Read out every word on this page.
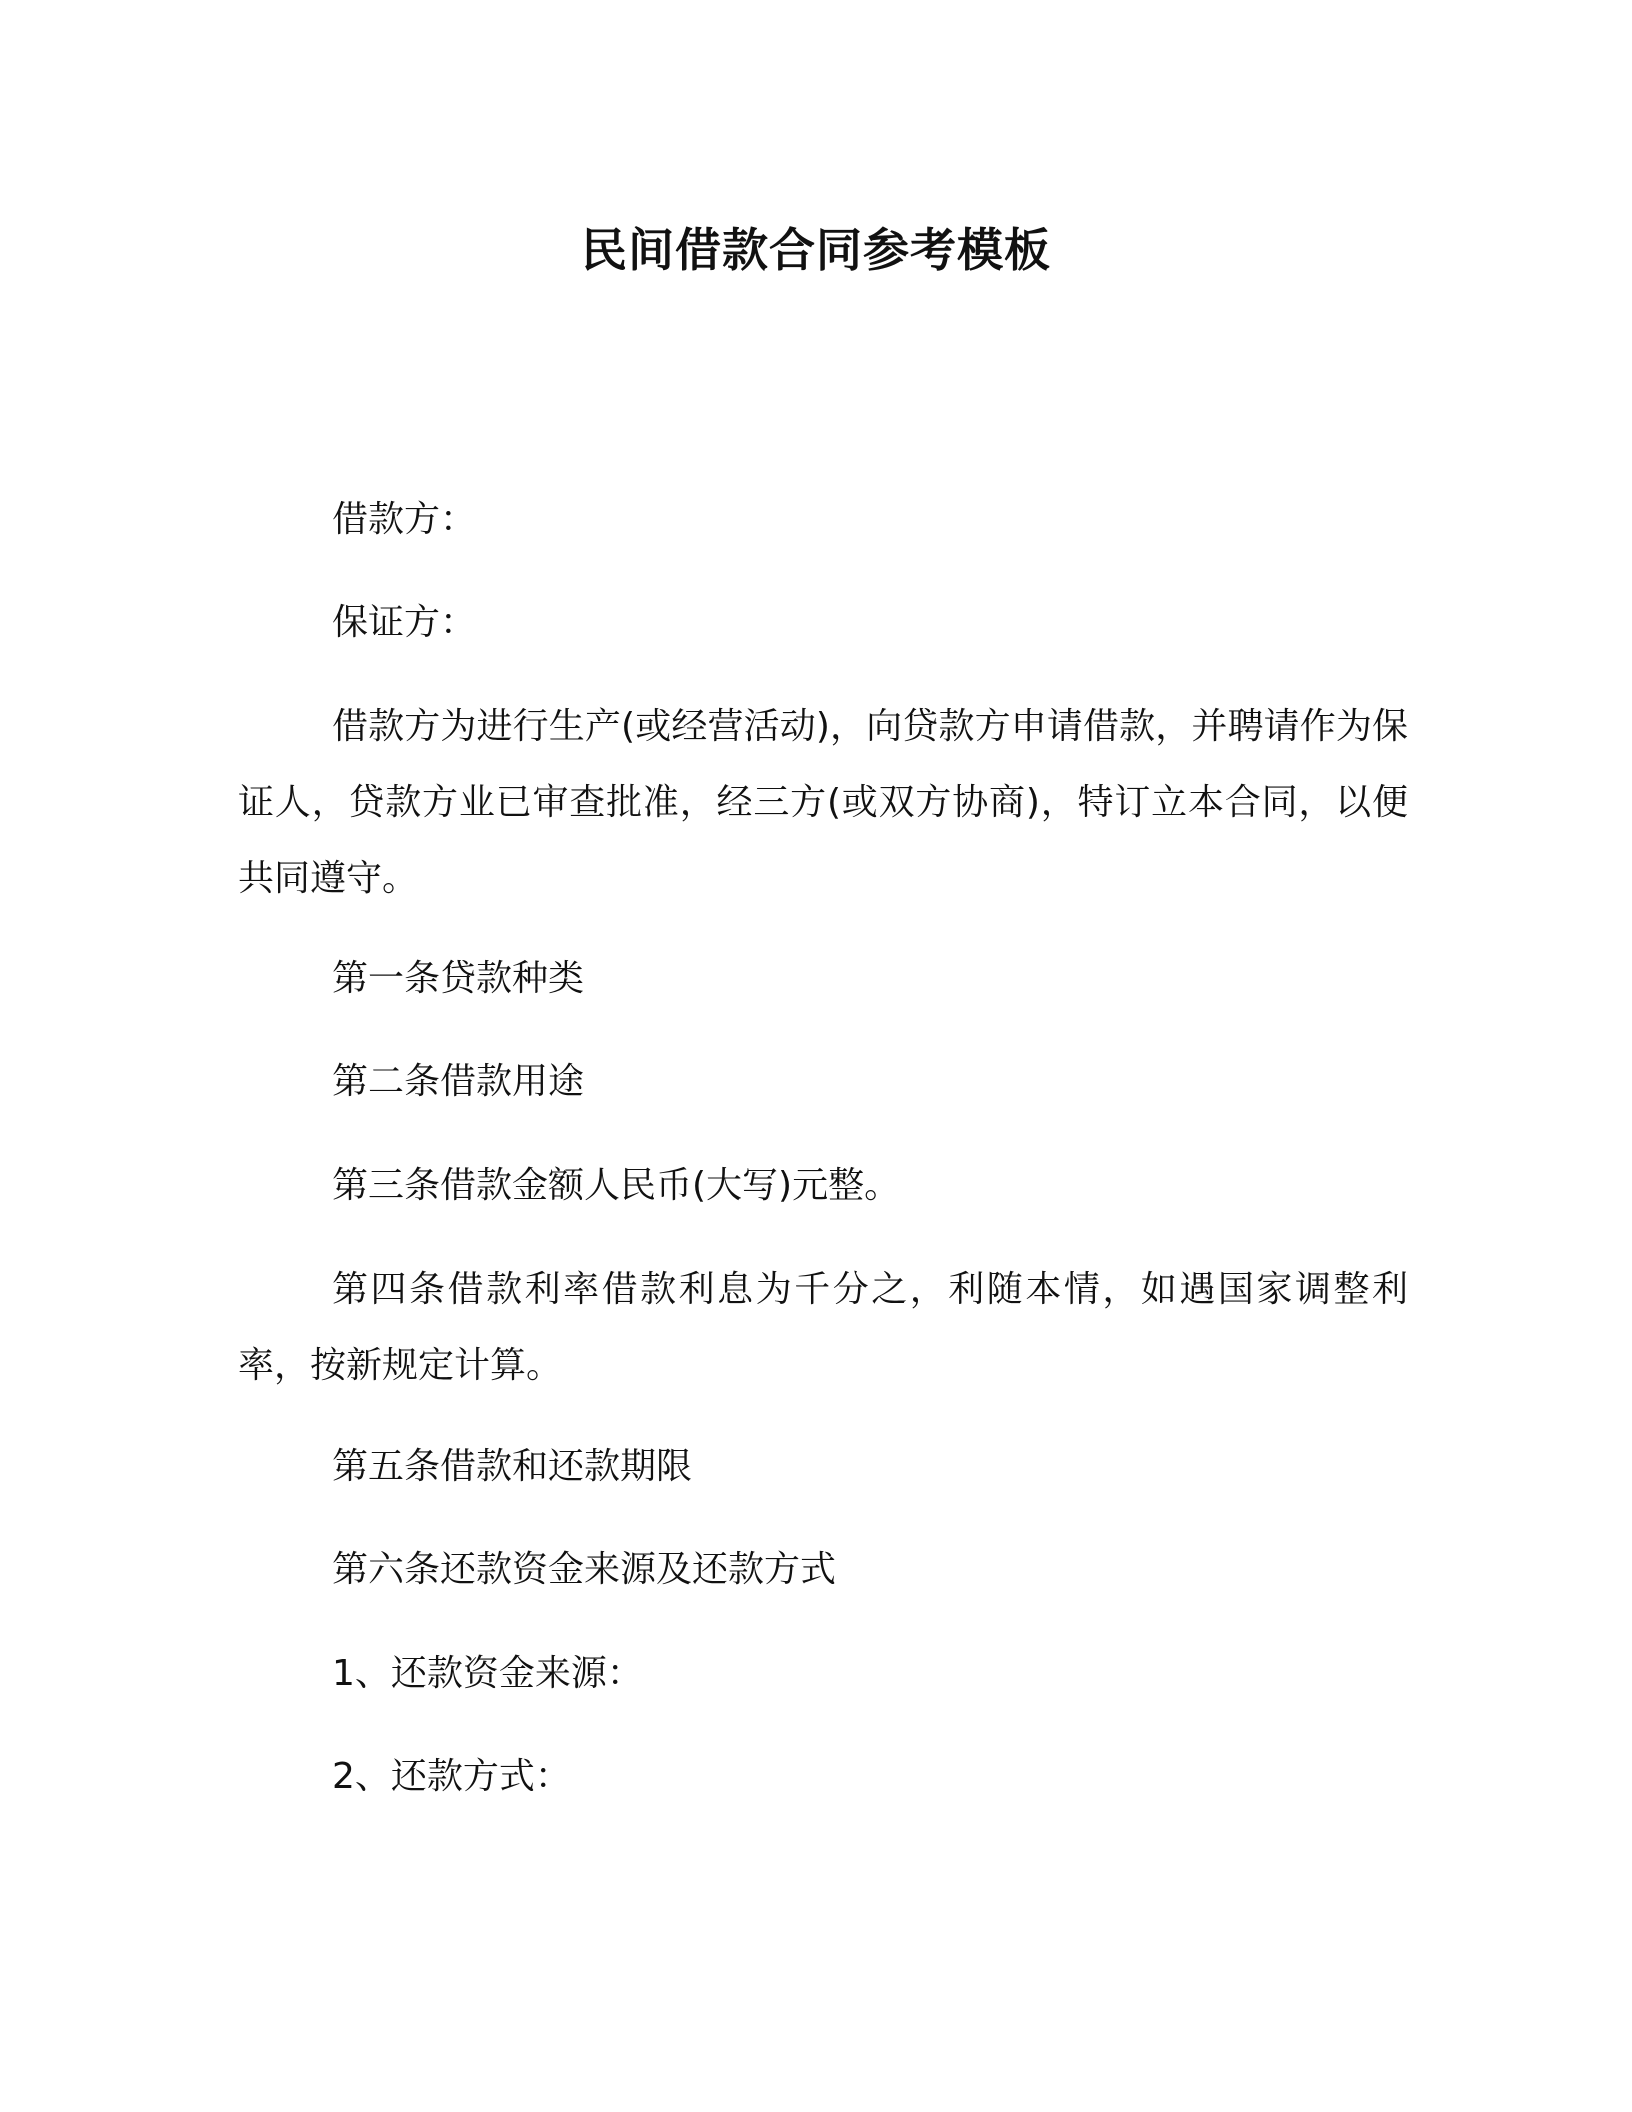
民间借款合同参考模板
借款方：
保证方：
借款方为进行生产(或经营活动)，向贷款方申请借款，并聘请作为保证人，贷款方业已审查批准，经三方(或双方协商)，特订立本合同，以便共同遵守。
第一条贷款种类
第二条借款用途
第三条借款金额人民币(大写)元整。
第四条借款利率借款利息为千分之，利随本情，如遇国家调整利率，按新规定计算。
第五条借款和还款期限
第六条还款资金来源及还款方式
1、还款资金来源：
2、还款方式：
